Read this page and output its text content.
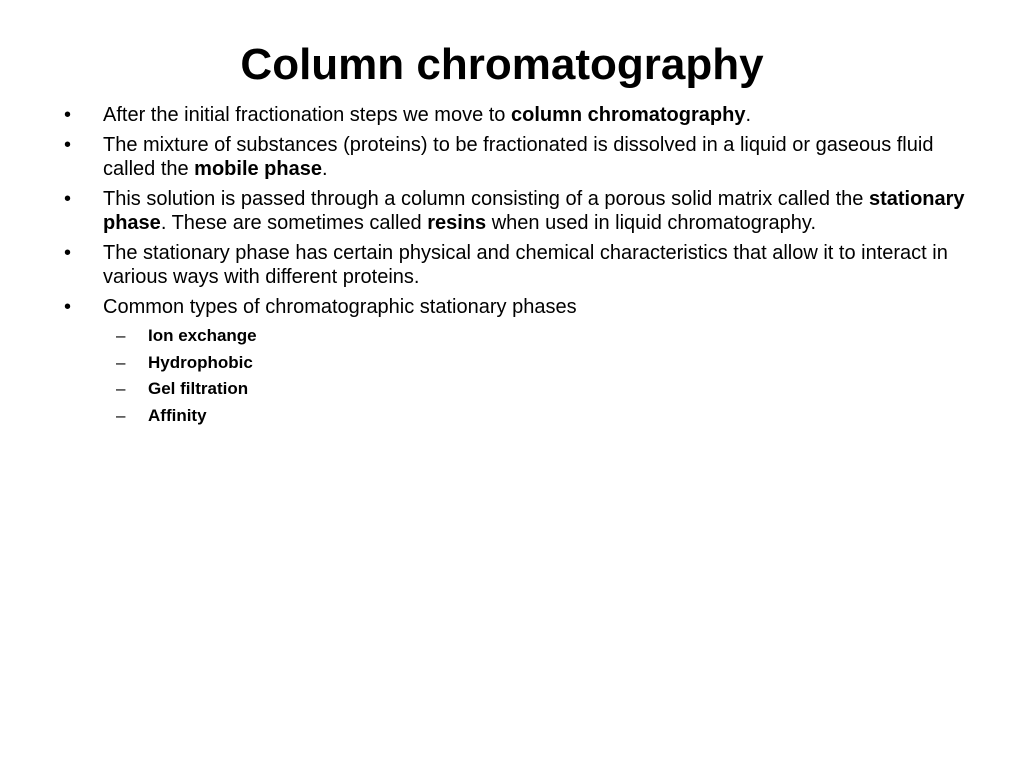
Column chromatography
• After the initial fractionation steps we move to column chromatography.
• The mixture of substances (proteins) to be fractionated is dissolved in a liquid or gaseous fluid called the mobile phase.
• This solution is passed through a column consisting of a porous solid matrix called the stationary phase. These are sometimes called resins when used in liquid chromatography.
• The stationary phase has certain physical and chemical characteristics that allow it to interact in various ways with different proteins.
• Common types of chromatographic stationary phases
– Ion exchange
– Hydrophobic
– Gel filtration
– Affinity
